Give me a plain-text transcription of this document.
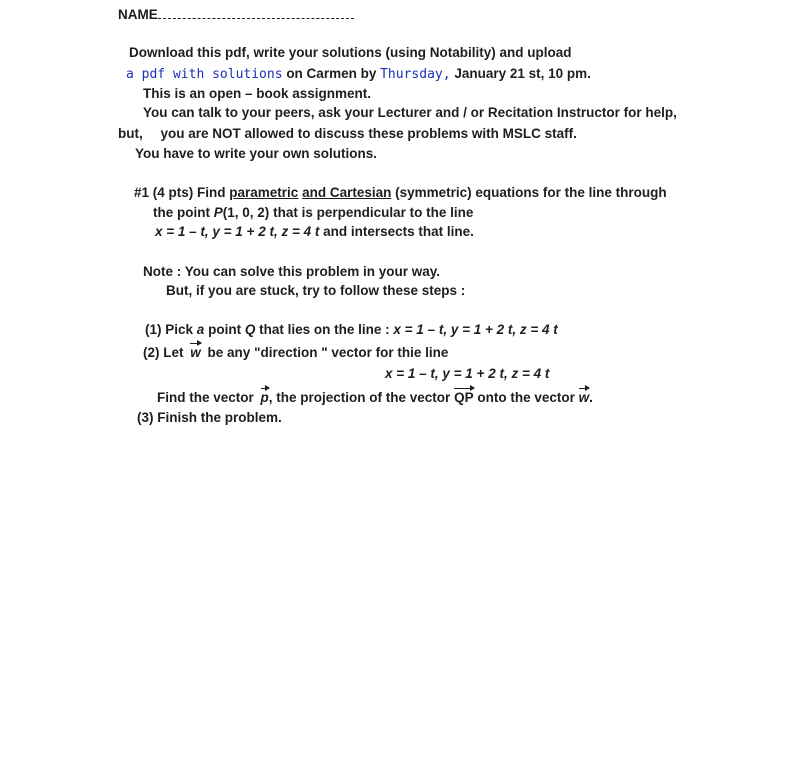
NAME
Download this pdf, write your solutions (using Notability) and upload
a pdf with solutions on Carmen by Thursday, January 21 st, 10 pm.
This is an open – book assignment.
You can talk to your peers, ask your Lecturer and / or Recitation Instructor for help,
but, you are NOT allowed to discuss these problems with MSLC staff.
You have to write your own solutions.
#1 (4 pts) Find parametric and Cartesian (symmetric) equations for the line through
the point P(1, 0, 2) that is perpendicular to the line
x = 1 – t, y = 1 + 2 t, z = 4 t and intersects that line.
Note : You can solve this problem in your way.
But, if you are stuck, try to follow these steps :
(1) Pick a point Q that lies on the line : x = 1 – t, y = 1 + 2 t, z = 4 t
(2) Let w be any "direction " vector for thie line
x = 1 – t, y = 1 + 2 t, z = 4 t
Find the vector p, the projection of the vector QP onto the vector w.
(3) Finish the problem.
